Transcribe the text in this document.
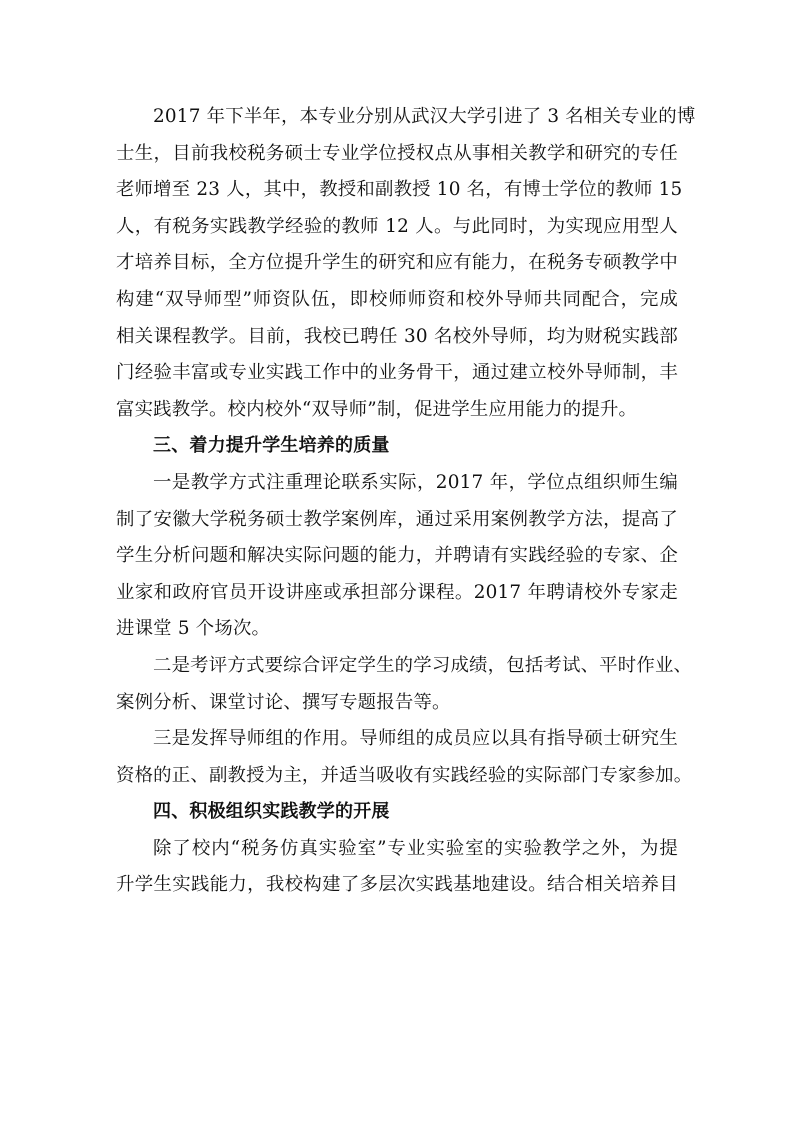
2017 年下半年，本专业分别从武汉大学引进了 3 名相关专业的博
士生，目前我校税务硕士专业学位授权点从事相关教学和研究的专任
老师增至 23 人，其中，教授和副教授 10 名，有博士学位的教师 15
人，有税务实践教学经验的教师 12 人。与此同时，为实现应用型人
才培养目标，全方位提升学生的研究和应有能力，在税务专硕教学中
构建“双导师型”师资队伍，即校师师资和校外导师共同配合，完成
相关课程教学。目前，我校已聘任 30 名校外导师，均为财税实践部
门经验丰富或专业实践工作中的业务骨干，通过建立校外导师制，丰
富实践教学。校内校外“双导师”制，促进学生应用能力的提升。
三、着力提升学生培养的质量
一是教学方式注重理论联系实际，2017 年，学位点组织师生编
制了安徽大学税务硕士教学案例库，通过采用案例教学方法，提高了
学生分析问题和解决实际问题的能力，并聘请有实践经验的专家、企
业家和政府官员开设讲座或承担部分课程。2017 年聘请校外专家走
进课堂 5 个场次。
二是考评方式要综合评定学生的学习成绩，包括考试、平时作业、
案例分析、课堂讨论、撰写专题报告等。
三是发挥导师组的作用。导师组的成员应以具有指导硕士研究生
资格的正、副教授为主，并适当吸收有实践经验的实际部门专家参加。
四、积极组织实践教学的开展
除了校内“税务仿真实验室”专业实验室的实验教学之外，为提
升学生实践能力，我校构建了多层次实践基地建设。结合相关培养目
